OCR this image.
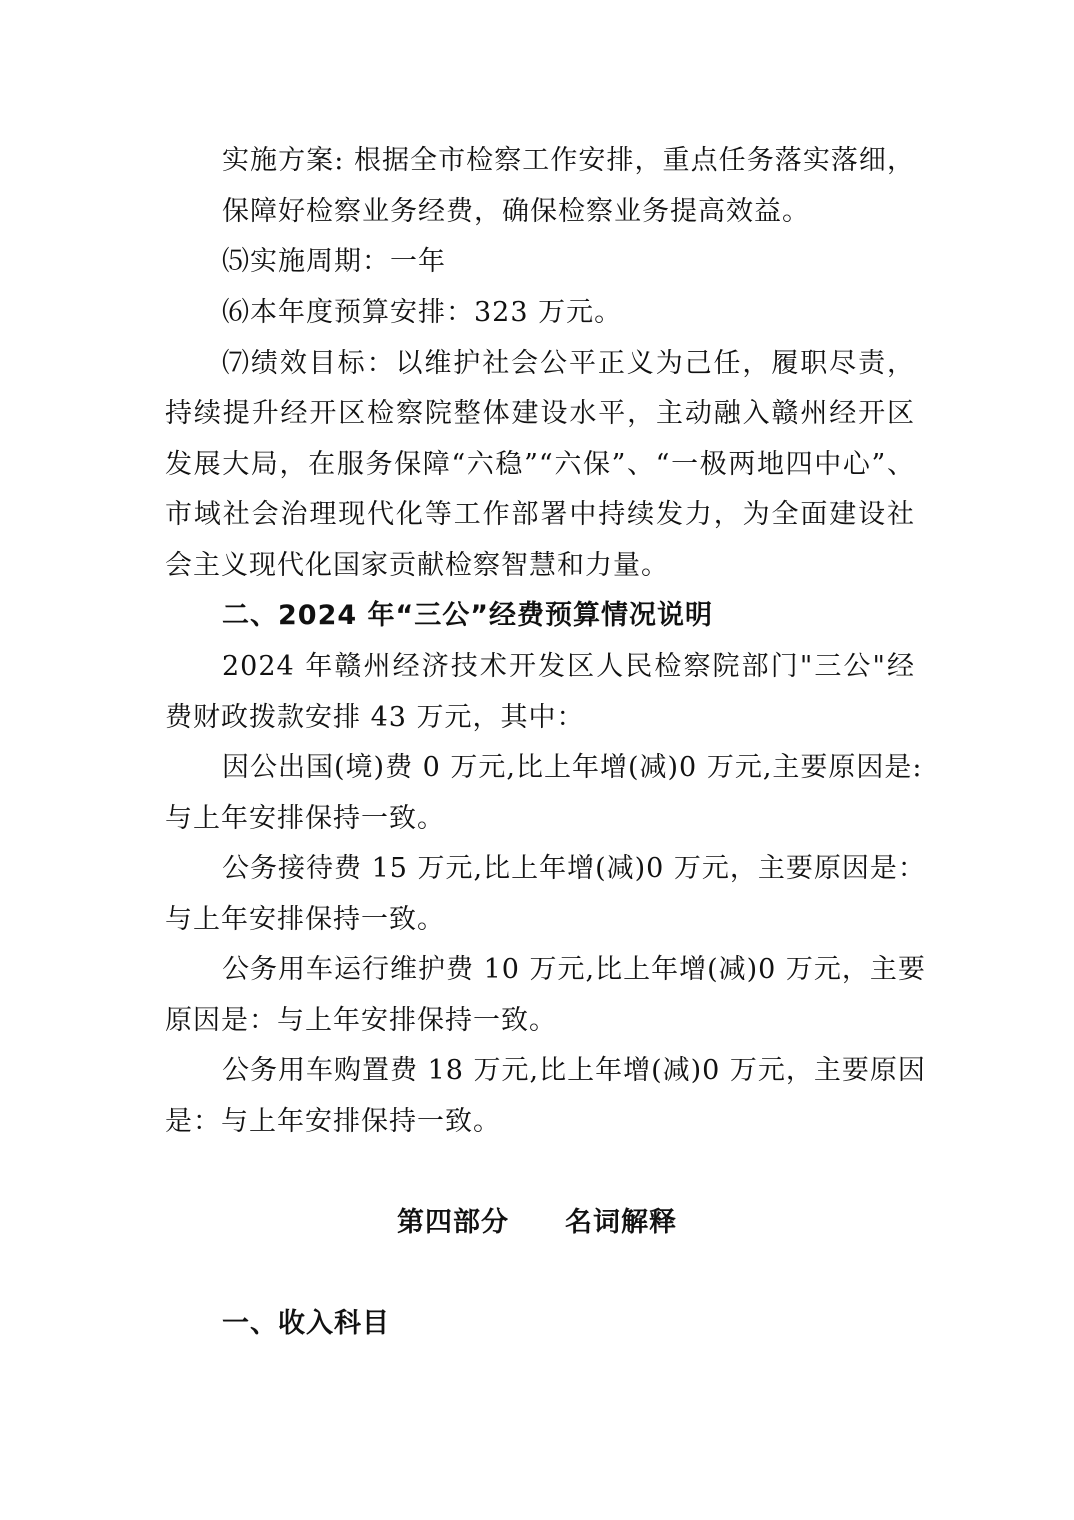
实施方案: 根据全市检察工作安排，重点任务落实落细，
保障好检察业务经费，确保检察业务提高效益。
⑸实施周期：一年
⑹本年度预算安排：323 万元。
⑺绩效目标：以维护社会公平正义为己任，履职尽责，
持续提升经开区检察院整体建设水平，主动融入赣州经开区
发展大局，在服务保障“六稳”“六保”、“一极两地四中心”、
市域社会治理现代化等工作部署中持续发力，为全面建设社
会主义现代化国家贡献检察智慧和力量。
二、2024 年“三公”经费预算情况说明
2024 年赣州经济技术开发区人民检察院部门"三公"经
费财政拨款安排 43 万元，其中：
因公出国(境)费 0 万元,比上年增(减)0 万元,主要原因是:
与上年安排保持一致。
公务接待费 15 万元,比上年增(减)0 万元，主要原因是：
与上年安排保持一致。
公务用车运行维护费 10 万元,比上年增(减)0 万元，主要
原因是：与上年安排保持一致。
公务用车购置费 18 万元,比上年增(减)0 万元，主要原因
是：与上年安排保持一致。
第四部分　　名词解释
一、收入科目
